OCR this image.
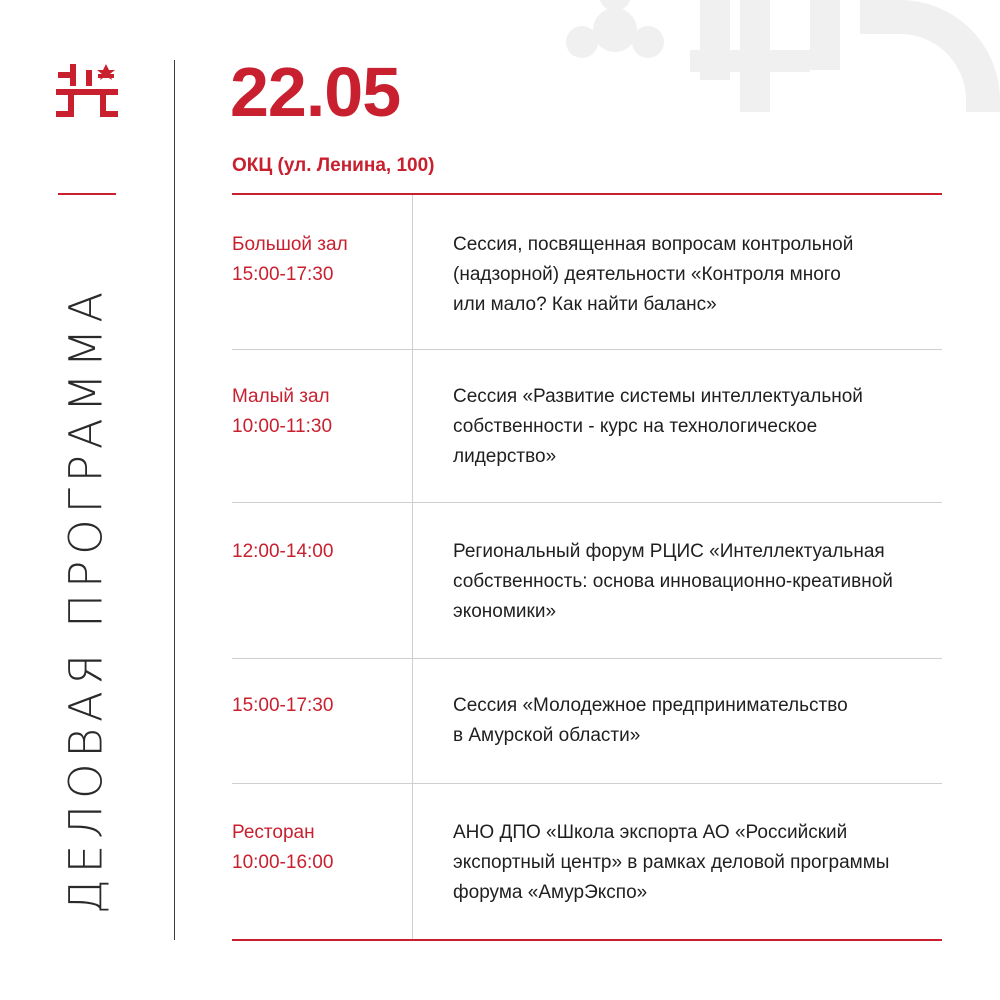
ДЕЛОВАЯ ПРОГРАММА
22.05
ОКЦ (ул. Ленина, 100)
Большой зал
15:00-17:30
Сессия, посвященная вопросам контрольной
(надзорной) деятельности «Контроля много
или мало? Как найти баланс»
Малый зал
10:00-11:30
Сессия «Развитие системы интеллектуальной
собственности - курс на технологическое
лидерство»
12:00-14:00	Региональный форум РЦИС «Интеллектуальная
собственность: основа инновационно-креативной
экономики»
15:00-17:30	Сессия «Молодежное предпринимательство
в Амурской области»
Ресторан
10:00-16:00
АНО ДПО «Школа экспорта АО «Российский
экспортный центр» в рамках деловой программы
форума «АмурЭкспо»
